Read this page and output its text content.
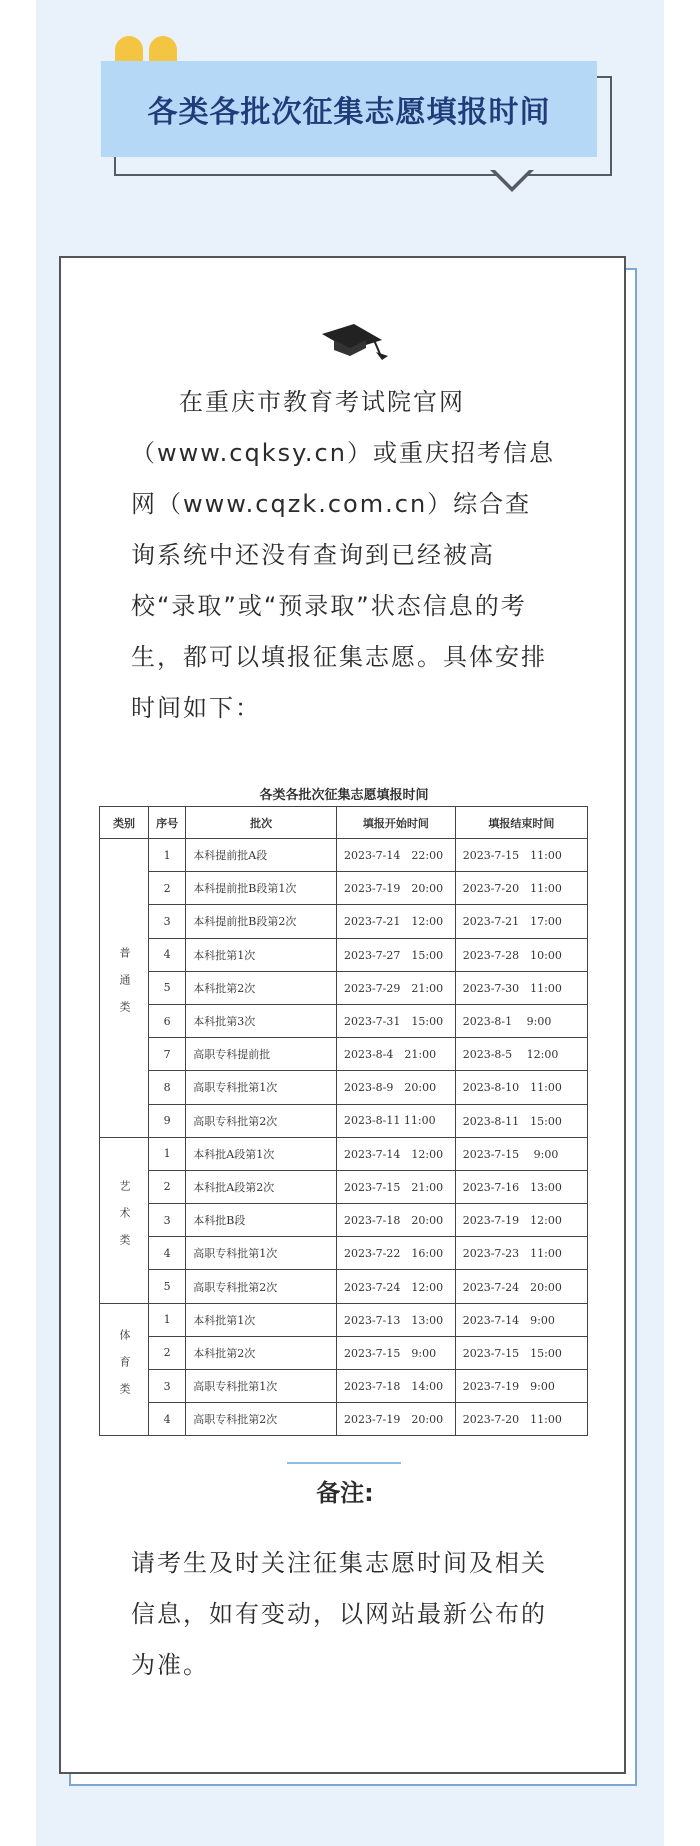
各类各批次征集志愿填报时间
在重庆市教育考试院官网（www.cqksy.cn）或重庆招考信息网（www.cqzk.com.cn）综合查询系统中还没有查询到已经被高校“录取”或“预录取”状态信息的考生，都可以填报征集志愿。具体安排时间如下：
各类各批次征集志愿填报时间
类别	序号	批次	填报开始时间	填报结束时间
普通类	1	本科提前批A段	2023-7-14　22:00	2023-7-15　11:00
	2	本科提前批B段第1次	2023-7-19　20:00	2023-7-20　11:00
	3	本科提前批B段第2次	2023-7-21　12:00	2023-7-21　17:00
	4	本科批第1次	2023-7-27　15:00	2023-7-28　10:00
	5	本科批第2次	2023-7-29　21:00	2023-7-30　11:00
	6	本科批第3次	2023-7-31　15:00	2023-8-1　 9:00
	7	高职专科提前批	2023-8-4　21:00	2023-8-5　 12:00
	8	高职专科批第1次	2023-8-9　20:00	2023-8-10　11:00
	9	高职专科批第2次	2023-8-11 11:00	2023-8-11　15:00
艺术类	1	本科批A段第1次	2023-7-14　12:00	2023-7-15　 9:00
	2	本科批A段第2次	2023-7-15　21:00	2023-7-16　13:00
	3	本科批B段	2023-7-18　20:00	2023-7-19　12:00
	4	高职专科批第1次	2023-7-22　16:00	2023-7-23　11:00
	5	高职专科批第2次	2023-7-24　12:00	2023-7-24　20:00
体育类	1	本科批第1次	2023-7-13　13:00	2023-7-14　9:00
	2	本科批第2次	2023-7-15　9:00	2023-7-15　15:00
	3	高职专科批第1次	2023-7-18　14:00	2023-7-19　9:00
	4	高职专科批第2次	2023-7-19　20:00	2023-7-20　11:00
备注:
请考生及时关注征集志愿时间及相关信息，如有变动，以网站最新公布的为准。
